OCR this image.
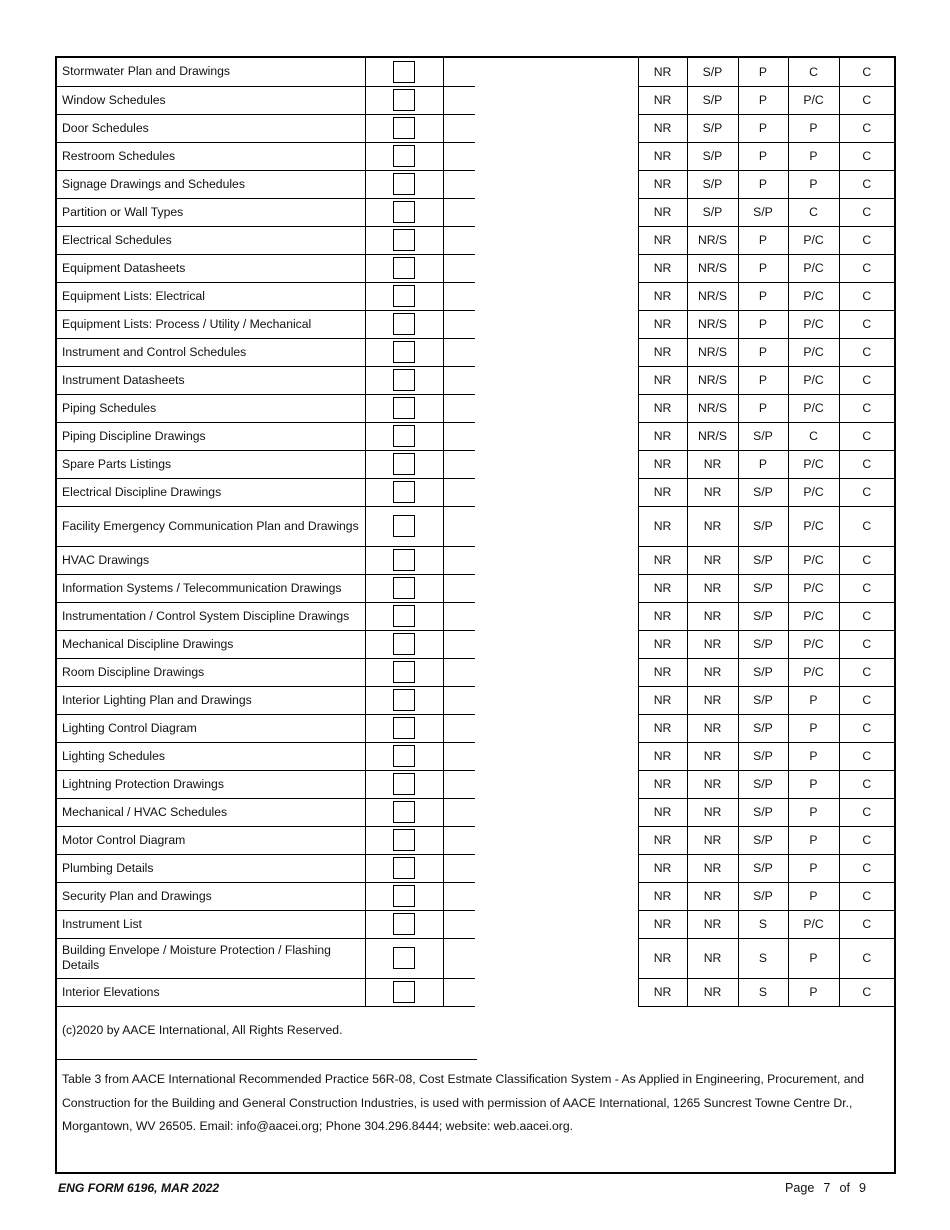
Stormwater Plan and Drawings				NR	S/P	P	C	C
Window Schedules				NR	S/P	P	P/C	C
Door Schedules				NR	S/P	P	P	C
Restroom Schedules				NR	S/P	P	P	C
Signage Drawings and Schedules				NR	S/P	P	P	C
Partition or Wall Types				NR	S/P	S/P	C	C
Electrical Schedules				NR	NR/S	P	P/C	C
Equipment Datasheets				NR	NR/S	P	P/C	C
Equipment Lists: Electrical				NR	NR/S	P	P/C	C
Equipment Lists: Process / Utility / Mechanical				NR	NR/S	P	P/C	C
Instrument and Control Schedules				NR	NR/S	P	P/C	C
Instrument Datasheets				NR	NR/S	P	P/C	C
Piping Schedules				NR	NR/S	P	P/C	C
Piping Discipline Drawings				NR	NR/S	S/P	C	C
Spare Parts Listings				NR	NR	P	P/C	C
Electrical Discipline Drawings				NR	NR	S/P	P/C	C
Facility Emergency Communication Plan and Drawings				NR	NR	S/P	P/C	C
HVAC Drawings				NR	NR	S/P	P/C	C
Information Systems / Telecommunication Drawings				NR	NR	S/P	P/C	C
Instrumentation / Control System Discipline Drawings				NR	NR	S/P	P/C	C
Mechanical Discipline Drawings				NR	NR	S/P	P/C	C
Room Discipline Drawings				NR	NR	S/P	P/C	C
Interior Lighting Plan and Drawings				NR	NR	S/P	P	C
Lighting Control Diagram				NR	NR	S/P	P	C
Lighting Schedules				NR	NR	S/P	P	C
Lightning Protection Drawings				NR	NR	S/P	P	C
Mechanical / HVAC Schedules				NR	NR	S/P	P	C
Motor Control Diagram				NR	NR	S/P	P	C
Plumbing Details				NR	NR	S/P	P	C
Security Plan and Drawings				NR	NR	S/P	P	C
Instrument List				NR	NR	S	P/C	C
Building Envelope / Moisture Protection / Flashing Details				NR	NR	S	P	C
Interior Elevations				NR	NR	S	P	C
(c)2020 by AACE International, All Rights Reserved.
Table 3 from AACE International Recommended Practice 56R-08, Cost Estmate Classification System - As Applied in Engineering, Procurement, and Construction for the Building and General Construction Industries, is used with permission of AACE International, 1265 Suncrest Towne Centre Dr., Morgantown, WV 26505. Email: info@aacei.org; Phone 304.296.8444; website: web.aacei.org.
ENG FORM 6196, MAR 2022	Page 7 of 9
